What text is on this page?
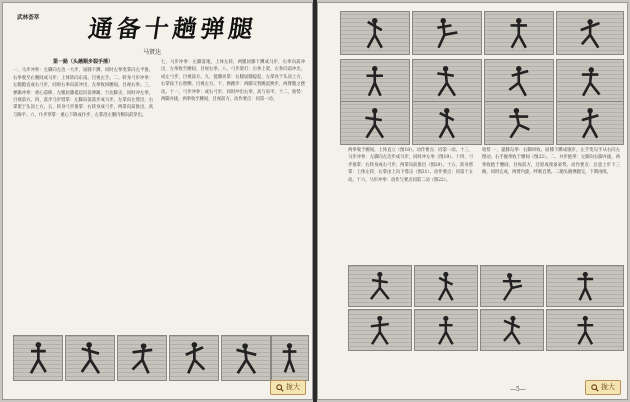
武林荟萃 通备十趟弹腿
马贤达
第一路（头趟顺步裂手捶）
一、马步冲拳：左脚向左迈一大步，屈膝下蹲，同时左拳变掌向左平推，右拳收至右腰间成马步；上体转向东南。目视左手。二、转身弓步冲拳：左腿蹬直成右弓步，同时右拳向前冲出，左拳收回腰间，目视右拳。三、弹踢冲拳：重心前移，左腿屈膝提起向前弹踢，力达脚尖，同时冲左拳，目视前方。四、落步马步劈掌：左脚向前落步成马步，左掌向左劈出，右掌架于头顶上方。五、转身弓步推掌：右转身成弓步，两掌向前推出，高与胸平。六、仆步穿掌：重心下降成仆步，左掌沿左腿内侧向前穿出。
七、马步冲拳：左脚落地，上体左转，两腿屈膝下蹲成马步，右拳向前冲出，左拳收至腰间，目视右拳。八、弓步架打：右拳上架，左拳向前冲出，成左弓步，目视前方。九、提膝亮掌：右腿屈膝提起，左掌亮于头顶上方，右掌按于右胯侧，目视左方。十、换跳步：两脚交替跳起换步，两臂随之摆动。十一、弓步冲拳：成右弓步，同时冲出右拳，高与肩平。十二、收势：两脚并拢，两拳收至腰间，目视前方。动作要点：同第一动。
拢大
两拳收于腰间，上体直立（图18）。动作要点：同第一动。十三、马步冲拳：左脚向左迈步成马步，同时冲左拳（图19）。十四、弓步推掌：右转身成右弓步，两掌向前推出（图20）。十五、转身劈掌：上体左转，右掌由上向下劈击（图21）。动作要点：同第十五动。十六、马步冲拳：动作与要点同第二动（图22）。
收势 一、提膝勾拳：右脚回收，屈膝下蹲成歇步，左手变勾手从右向左摆动，右手握拳收于腰间（图22）。二、并步抱拳：左脚向右脚并拢，两拳收抱于腰间，目视前方，还原成预备姿势。动作要点：注意上步下三路，同时完成，两臂内旋，呼吸自然。二趟头趟弹腿完，下期再续。
—5—	拢大
